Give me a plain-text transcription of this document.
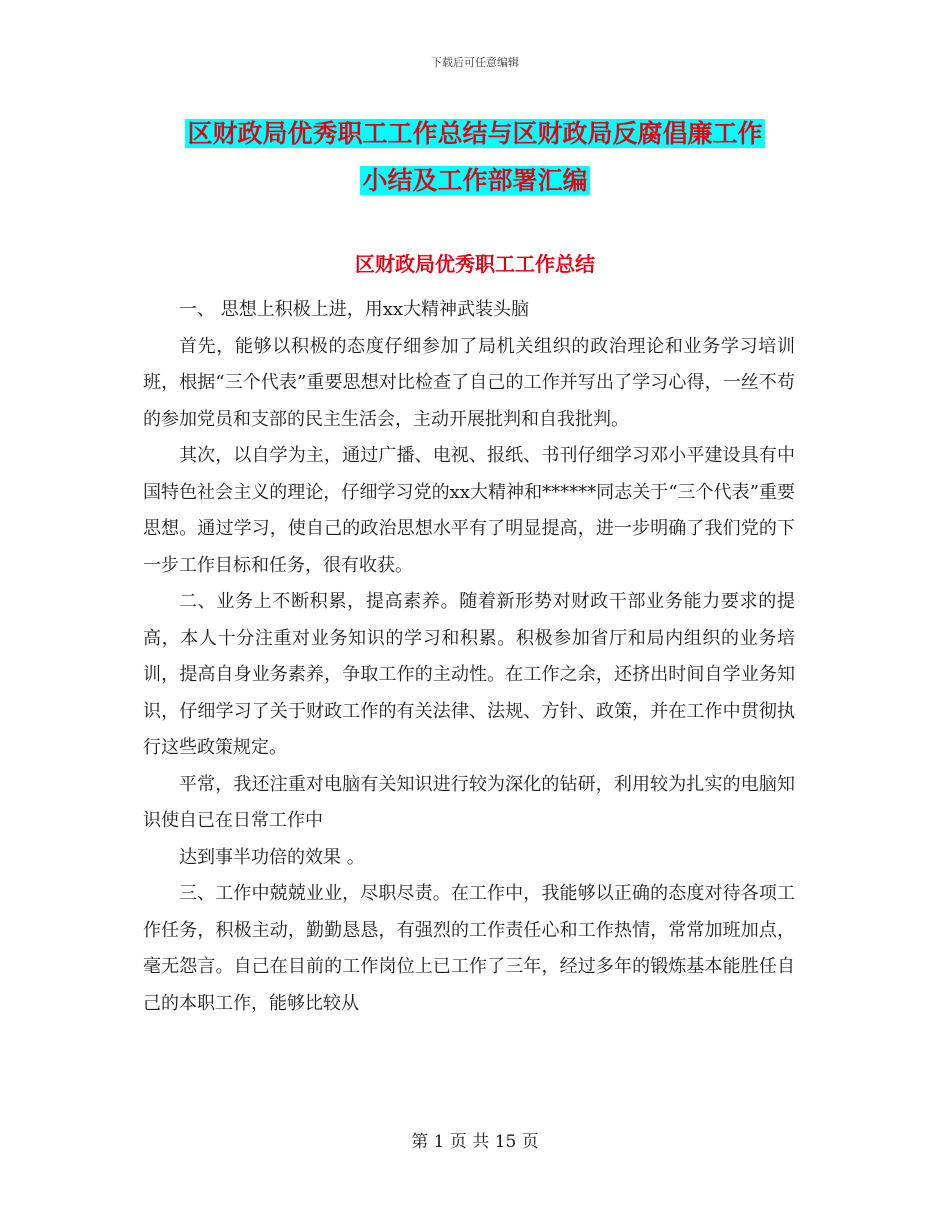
下载后可任意编辑
区财政局优秀职工工作总结与区财政局反腐倡廉工作
小结及工作部署汇编
区财政局优秀职工工作总结

一、 思想上积极上进，用xx大精神武装头脑

首先，能够以积极的态度仔细参加了局机关组织的政治理论和业务学习培训班，根据“三个代表”重要思想对比检查了自己的工作并写出了学习心得，一丝不苟的参加党员和支部的民主生活会，主动开展批判和自我批判。

其次，以自学为主，通过广播、电视、报纸、书刊仔细学习邓小平建设具有中国特色社会主义的理论，仔细学习党的xx大精神和******同志关于“三个代表”重要思想。通过学习，使自己的政治思想水平有了明显提高，进一步明确了我们党的下一步工作目标和任务，很有收获。

二、业务上不断积累，提高素养。随着新形势对财政干部业务能力要求的提高，本人十分注重对业务知识的学习和积累。积极参加省厅和局内组织的业务培训，提高自身业务素养，争取工作的主动性。在工作之余，还挤出时间自学业务知识，仔细学习了关于财政工作的有关法律、法规、方针、政策，并在工作中贯彻执行这些政策规定。

平常，我还注重对电脑有关知识进行较为深化的钻研，利用较为扎实的电脑知识使自已在日常工作中

达到事半功倍的效果 。

三、工作中兢兢业业，尽职尽责。在工作中，我能够以正确的态度对待各项工作任务，积极主动，勤勤恳恳，有强烈的工作责任心和工作热情，常常加班加点，毫无怨言。自己在目前的工作岗位上已工作了三年，经过多年的锻炼基本能胜任自己的本职工作，能够比较从

第 1 页 共 15 页
